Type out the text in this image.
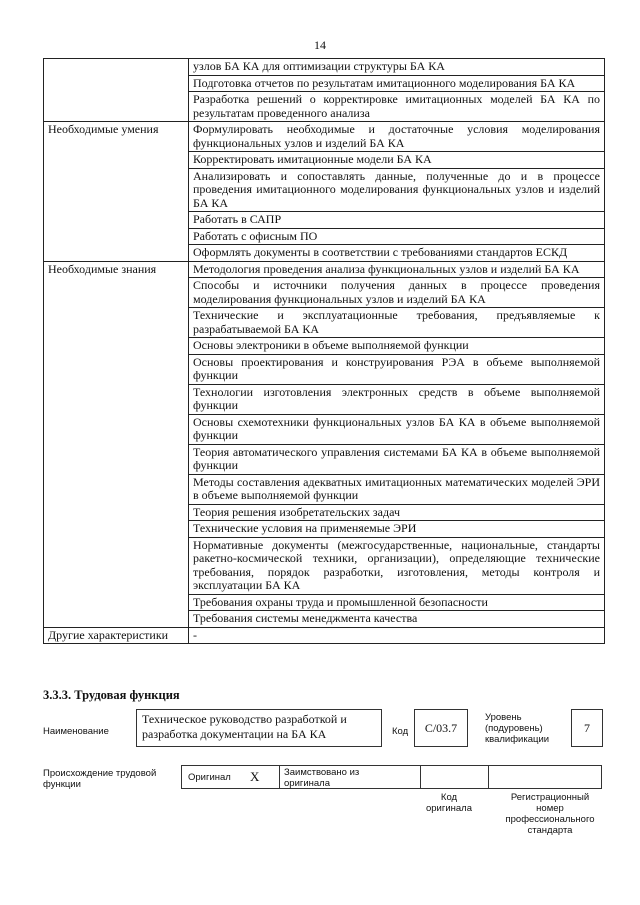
14
	узлов БА КА для оптимизации структуры БА КА
	Подготовка отчетов по результатам имитационного моделирования БА КА
	Разработка решений о корректировке имитационных моделей БА КА по результатам проведенного анализа
Необходимые умения	Формулировать необходимые и достаточные условия моделирования функциональных узлов и изделий БА КА
	Корректировать имитационные модели БА КА
	Анализировать и сопоставлять данные, полученные до и в процессе проведения имитационного моделирования функциональных узлов и изделий БА КА
	Работать в САПР
	Работать с офисным ПО
	Оформлять документы в соответствии с требованиями стандартов ЕСКД
Необходимые знания	Методология проведения анализа функциональных узлов и изделий БА КА
	Способы и источники получения данных в процессе проведения моделирования функциональных узлов и изделий БА КА
	Технические и эксплуатационные требования, предъявляемые к разрабатываемой БА КА
	Основы электроники в объеме выполняемой функции
	Основы проектирования и конструирования РЭА в объеме выполняемой функции
	Технологии изготовления электронных средств в объеме выполняемой функции
	Основы схемотехники функциональных узлов БА КА в объеме выполняемой функции
	Теория автоматического управления системами БА КА в объеме выполняемой функции
	Методы составления адекватных имитационных математических моделей ЭРИ в объеме выполняемой функции
	Теория решения изобретательских задач
	Технические условия на применяемые ЭРИ
	Нормативные документы (межгосударственные, национальные, стандарты ракетно-космической техники, организации), определяющие технические требования, порядок разработки, изготовления, методы контроля и эксплуатации БА КА
	Требования охраны труда и промышленной безопасности
	Требования системы менеджмента качества
Другие характеристики	-
3.3.3. Трудовая функция
Наименование
Техническое руководство разработкой и разработка документации на БА КА	Код	С/03.7
Уровень (подуровень) квалификации
7
Происхождение трудовой функции
Оригинал X	Заимствовано из оригинала
Код оригинала
Регистрационный номер профессионального стандарта
